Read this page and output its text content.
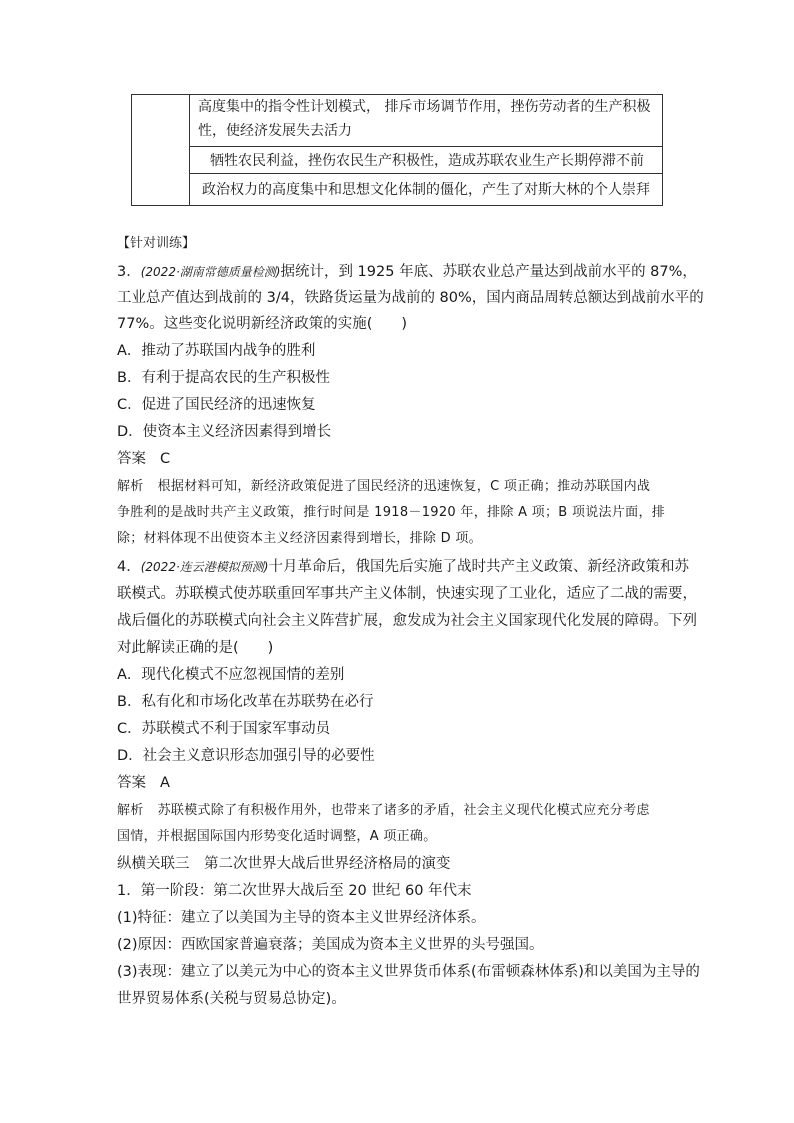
高度集中的指令性计划模式， 排斥市场调节作用，挫伤劳动者的生产积极
性，使经济发展失去活力
牺牲农民利益，挫伤农民生产积极性，造成苏联农业生产长期停滞不前
政治权力的高度集中和思想文化体制的僵化，产生了对斯大林的个人崇拜
【针对训练】
3．(2022·湖南常德质量检测)据统计，到 1925 年底、苏联农业总产量达到战前水平的 87%，
工业总产值达到战前的 3/4，铁路货运量为战前的 80%，国内商品周转总额达到战前水平的
77%。这些变化说明新经济政策的实施(　　)
A．推动了苏联国内战争的胜利
B．有利于提高农民的生产积极性
C．促进了国民经济的迅速恢复
D．使资本主义经济因素得到增长
答案 C
解析 根据材料可知，新经济政策促进了国民经济的迅速恢复，C 项正确；推动苏联国内战
争胜利的是战时共产主义政策，推行时间是 1918－1920 年，排除 A 项；B 项说法片面，排
除；材料体现不出使资本主义经济因素得到增长，排除 D 项。
4．(2022·连云港模拟预测)十月革命后，俄国先后实施了战时共产主义政策、新经济政策和苏
联模式。苏联模式使苏联重回军事共产主义体制，快速实现了工业化，适应了二战的需要，
战后僵化的苏联模式向社会主义阵营扩展，愈发成为社会主义国家现代化发展的障碍。下列
对此解读正确的是(　　)
A．现代化模式不应忽视国情的差别
B．私有化和市场化改革在苏联势在必行
C．苏联模式不利于国家军事动员
D．社会主义意识形态加强引导的必要性
答案 A
解析 苏联模式除了有积极作用外，也带来了诸多的矛盾，社会主义现代化模式应充分考虑
国情，并根据国际国内形势变化适时调整，A 项正确。
纵横关联三　第二次世界大战后世界经济格局的演变
1．第一阶段：第二次世界大战后至 20 世纪 60 年代末
(1)特征：建立了以美国为主导的资本主义世界经济体系。
(2)原因：西欧国家普遍衰落；美国成为资本主义世界的头号强国。
(3)表现：建立了以美元为中心的资本主义世界货币体系(布雷顿森林体系)和以美国为主导的
世界贸易体系(关税与贸易总协定)。
